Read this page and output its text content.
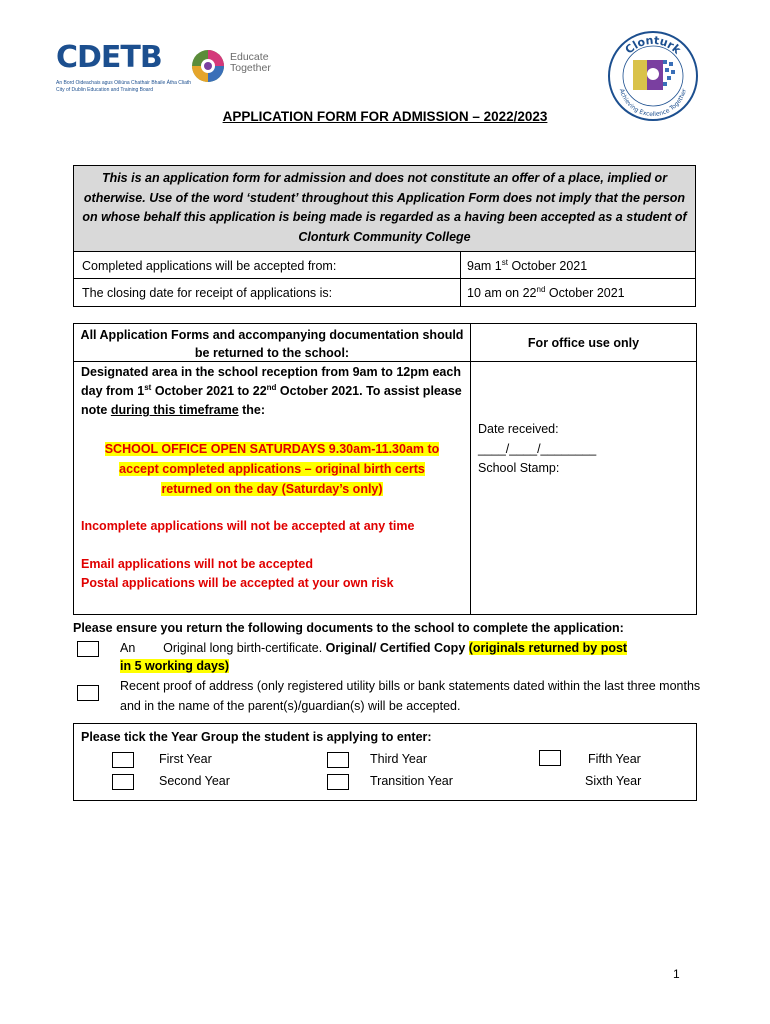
CDETB
An Bord Oideachais agus Oiliúna Chathair Bhaile Átha Cliath
City of Dublin Education and Training Board
Educate
Together
Clonturk
Achieving Excellence Together
APPLICATION FORM FOR ADMISSION – 2022/2023
This is an application form for admission and does not constitute an offer of a place, implied or otherwise. Use of the word ‘student’ throughout this Application Form does not imply that the person on whose behalf this application is being made is regarded as a having been accepted as a student of Clonturk Community College
Completed applications will be accepted from:	9am 1st October 2021
The closing date for receipt of applications is:	10 am on 22nd October 2021
All Application Forms and accompanying documentation should be returned to the school:
Designated area in the school reception from 9am to 12pm each day from 1st October 2021 to 22nd October 2021. To assist please note during this timeframe the:
SCHOOL OFFICE OPEN SATURDAYS 9.30am-11.30am to
accept completed applications – original birth certs
returned on the day (Saturday’s only)
Incomplete applications will not be accepted at any time
Email applications will not be accepted
Postal applications will be accepted at your own risk
For office use only
Date received:
____/____/________
School Stamp:
Please ensure you return the following documents to the school to complete the application:
An Original long birth-certificate. Original/ Certified Copy (originals returned by post
in 5 working days)
Recent proof of address (only registered utility bills or bank statements dated within the last three months and in the name of the parent(s)/guardian(s) will be accepted.
Please tick the Year Group the student is applying to enter:
First Year
Second Year
Third Year
Transition Year
Fifth Year
Sixth Year
1
